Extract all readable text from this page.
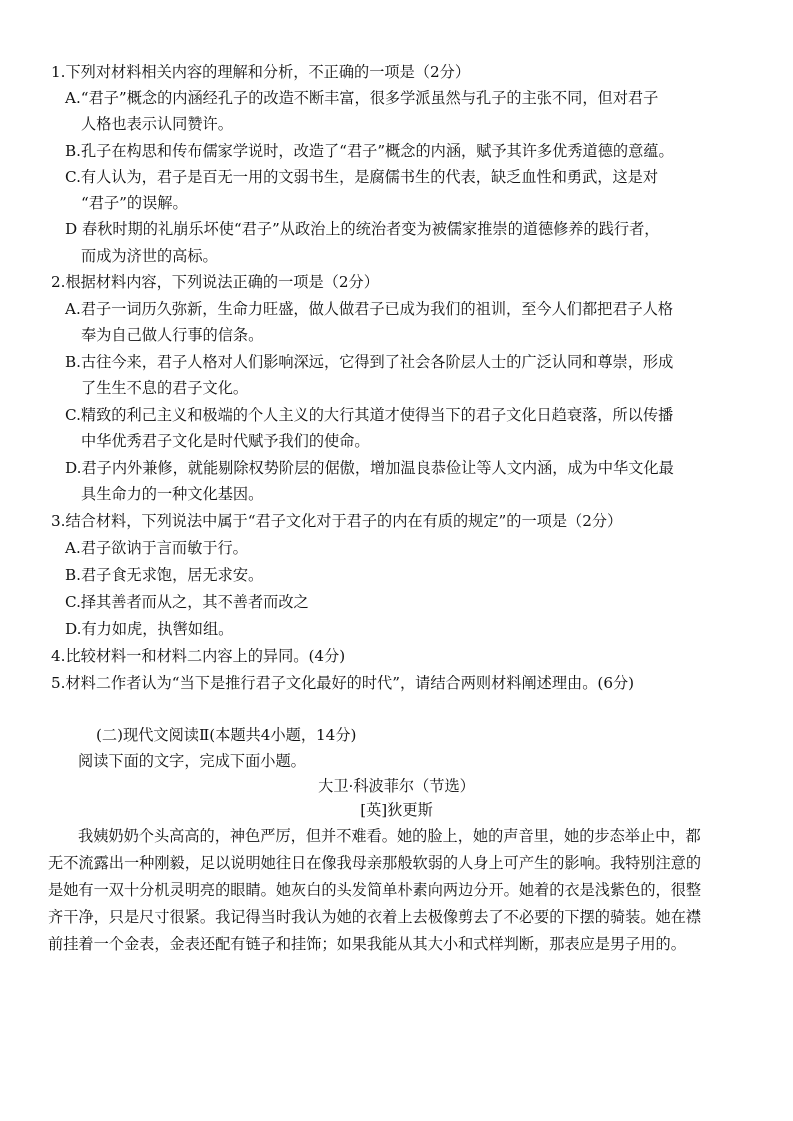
1.下列对材料相关内容的理解和分析，不正确的一项是（2分）
A.“君子”概念的内涵经孔子的改造不断丰富，很多学派虽然与孔子的主张不同，但对君子
人格也表示认同赞许。
B.孔子在构思和传布儒家学说时，改造了“君子”概念的内涵，赋予其许多优秀道德的意蕴。
C.有人认为，君子是百无一用的文弱书生，是腐儒书生的代表，缺乏血性和勇武，这是对
“君子”的误解。
D 春秋时期的礼崩乐坏使“君子”从政治上的统治者变为被儒家推崇的道德修养的践行者，
而成为济世的高标。
2.根据材料内容，下列说法正确的一项是（2分）
A.君子一词历久弥新，生命力旺盛，做人做君子已成为我们的祖训，至今人们都把君子人格
奉为自己做人行事的信条。
B.古往今来，君子人格对人们影响深远，它得到了社会各阶层人士的广泛认同和尊崇，形成
了生生不息的君子文化。
C.精致的利己主义和极端的个人主义的大行其道才使得当下的君子文化日趋衰落，所以传播
中华优秀君子文化是时代赋予我们的使命。
D.君子内外兼修，就能剔除权势阶层的倨傲，增加温良恭俭让等人文内涵，成为中华文化最
具生命力的一种文化基因。
3.结合材料，下列说法中属于“君子文化对于君子的内在有质的规定”的一项是（2分）
A.君子欲讷于言而敏于行。
B.君子食无求饱，居无求安。
C.择其善者而从之，其不善者而改之
D.有力如虎，执辔如组。
4.比较材料一和材料二内容上的异同。(4分)
5.材料二作者认为“当下是推行君子文化最好的时代”，请结合两则材料阐述理由。(6分)
(二)现代文阅读Ⅱ(本题共4小题，14分)
阅读下面的文字，完成下面小题。
大卫·科波菲尔（节选）
[英]狄更斯
我姨奶奶个头高高的，神色严厉，但并不难看。她的脸上，她的声音里，她的步态举止中，都
无不流露出一种刚毅，足以说明她往日在像我母亲那般软弱的人身上可产生的影响。我特别注意的
是她有一双十分机灵明亮的眼睛。她灰白的头发简单朴素向两边分开。她着的衣是浅紫色的，很整
齐干净，只是尺寸很紧。我记得当时我认为她的衣着上去极像剪去了不必要的下摆的骑装。她在襟
前挂着一个金表，金表还配有链子和挂饰；如果我能从其大小和式样判断，那表应是男子用的。
